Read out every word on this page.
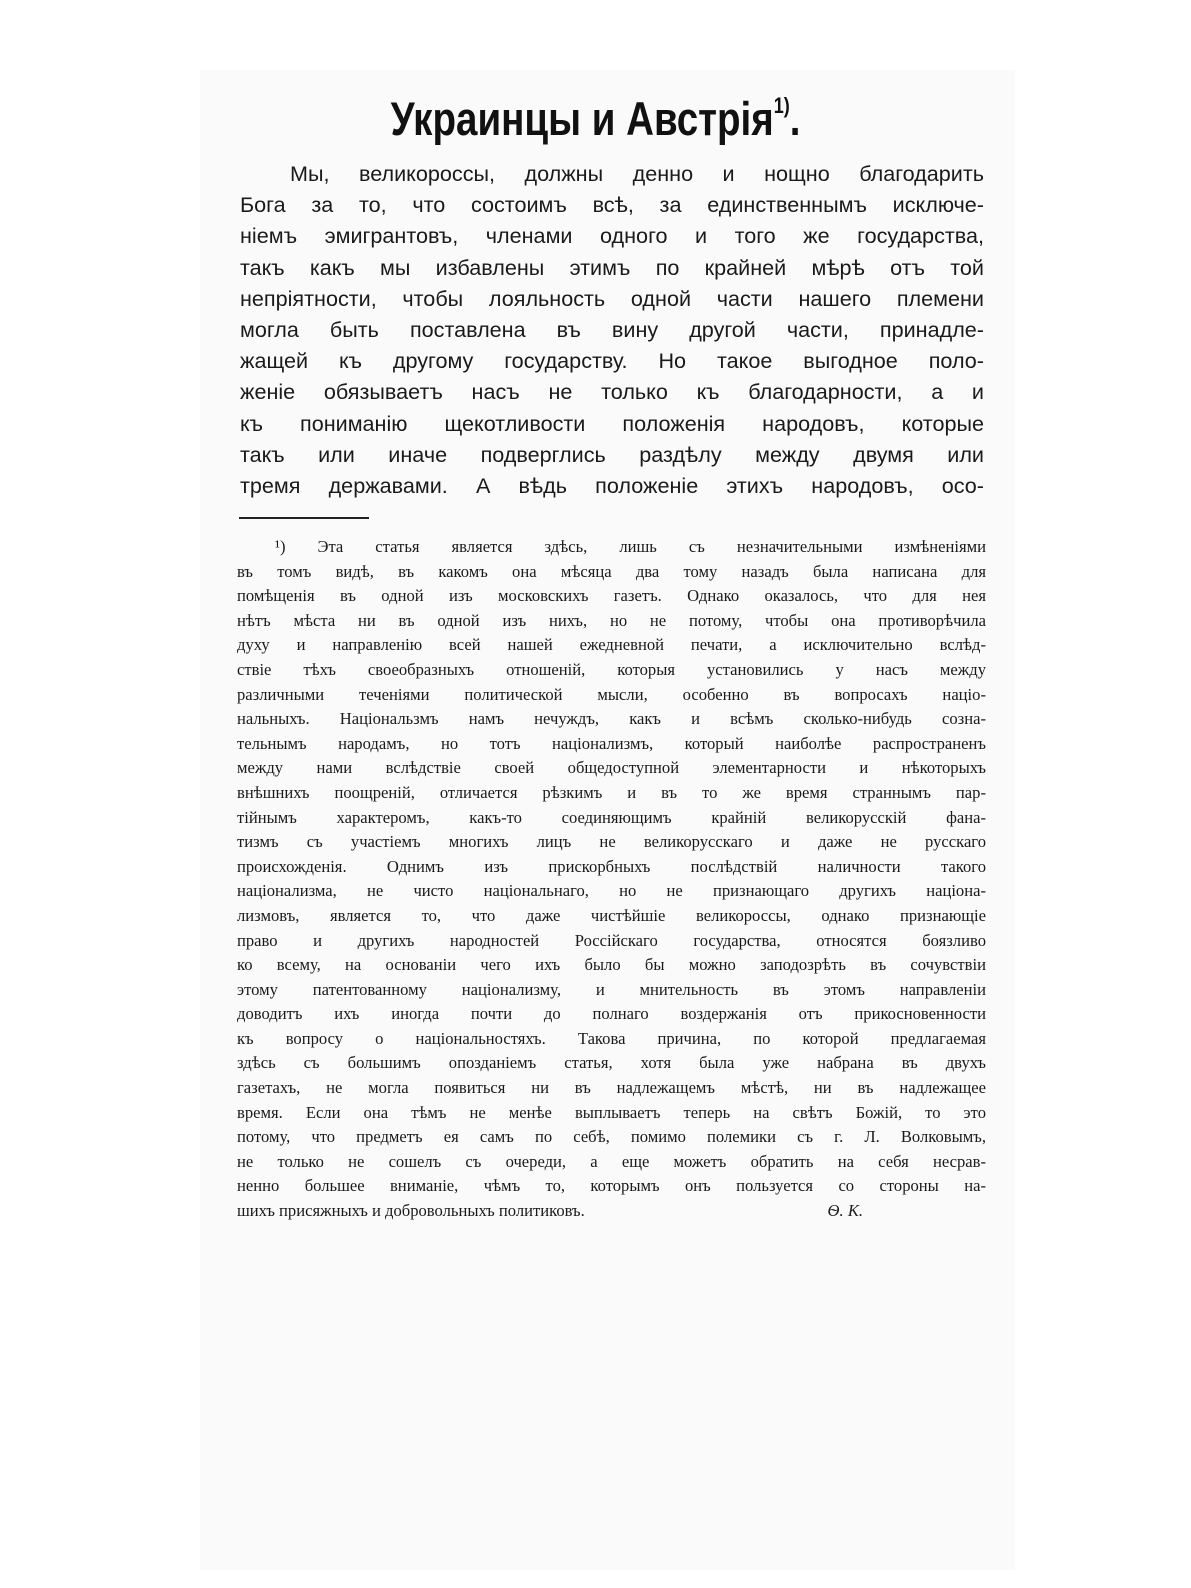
Украинцы и Австрія$^{1)}$.
Мы, великороссы, должны денно и нощно благодарить
Бога за то, что состоимъ всѣ, за единственнымъ исключе-
ніемъ эмигрантовъ, членами одного и того же государства,
такъ какъ мы избавлены этимъ по крайней мѣрѣ отъ той
непріятности, чтобы лояльность одной части нашего племени
могла быть поставлена въ вину другой части, принадле-
жащей къ другому государству. Но такое выгодное поло-
женіе обязываетъ насъ не только къ благодарности, а и
къ пониманію щекотливости положенія народовъ, которые
такъ или иначе подверглись раздѣлу между двумя или
тремя державами. А вѣдь положеніе этихъ народовъ, осо-
¹) Эта статья является здѣсь, лишь съ незначительными измѣненіями
въ томъ видѣ, въ какомъ она мѣсяца два тому назадъ была написана для
помѣщенія въ одной изъ московскихъ газетъ. Однако оказалось, что для нея
нѣтъ мѣста ни въ одной изъ нихъ, но не потому, чтобы она противорѣчила
духу и направленію всей нашей ежедневной печати, а исключительно вслѣд-
ствіе тѣхъ своеобразныхъ отношеній, которыя установились у насъ между
различными теченіями политической мысли, особенно въ вопросахъ націо-
нальныхъ. Національзмъ намъ нечуждъ, какъ и всѣмъ сколько-нибудь созна-
тельнымъ народамъ, но тотъ націонализмъ, который наиболѣе распространенъ
между нами вслѣдствіе своей общедоступной элементарности и нѣкоторыхъ
внѣшнихъ поощреній, отличается рѣзкимъ и въ то же время страннымъ пар-
тійнымъ характеромъ, какъ-то соединяющимъ крайній великорусскій фана-
тизмъ съ участіемъ многихъ лицъ не великорусскаго и даже не русскаго
происхожденія. Однимъ изъ прискорбныхъ послѣдствій наличности такого
націонализма, не чисто національнаго, но не признающаго другихъ націона-
лизмовъ, является то, что даже чистѣйшіе великороссы, однако признающіе
право и другихъ народностей Россійскаго государства, относятся боязливо
ко всему, на основаніи чего ихъ было бы можно заподозрѣть въ сочувствіи
этому патентованному націонализму, и мнительность въ этомъ направленіи
доводитъ ихъ иногда почти до полнаго воздержанія отъ прикосновенности
къ вопросу о національностяхъ. Такова причина, по которой предлагаемая
здѣсь съ большимъ опозданіемъ статья, хотя была уже набрана въ двухъ
газетахъ, не могла появиться ни въ надлежащемъ мѣстѣ, ни въ надлежащее
время. Если она тѣмъ не менѣе выплываетъ теперь на свѣтъ Божій, то это
потому, что предметъ ея самъ по себѣ, помимо полемики съ г. Л. Волковымъ,
не только не сошелъ съ очереди, а еще можетъ обратить на себя несрав-
ненно большее вниманіе, чѣмъ то, которымъ онъ пользуется со стороны на-
шихъ присяжныхъ и добровольныхъ политиковъ.	Ѳ. К.
